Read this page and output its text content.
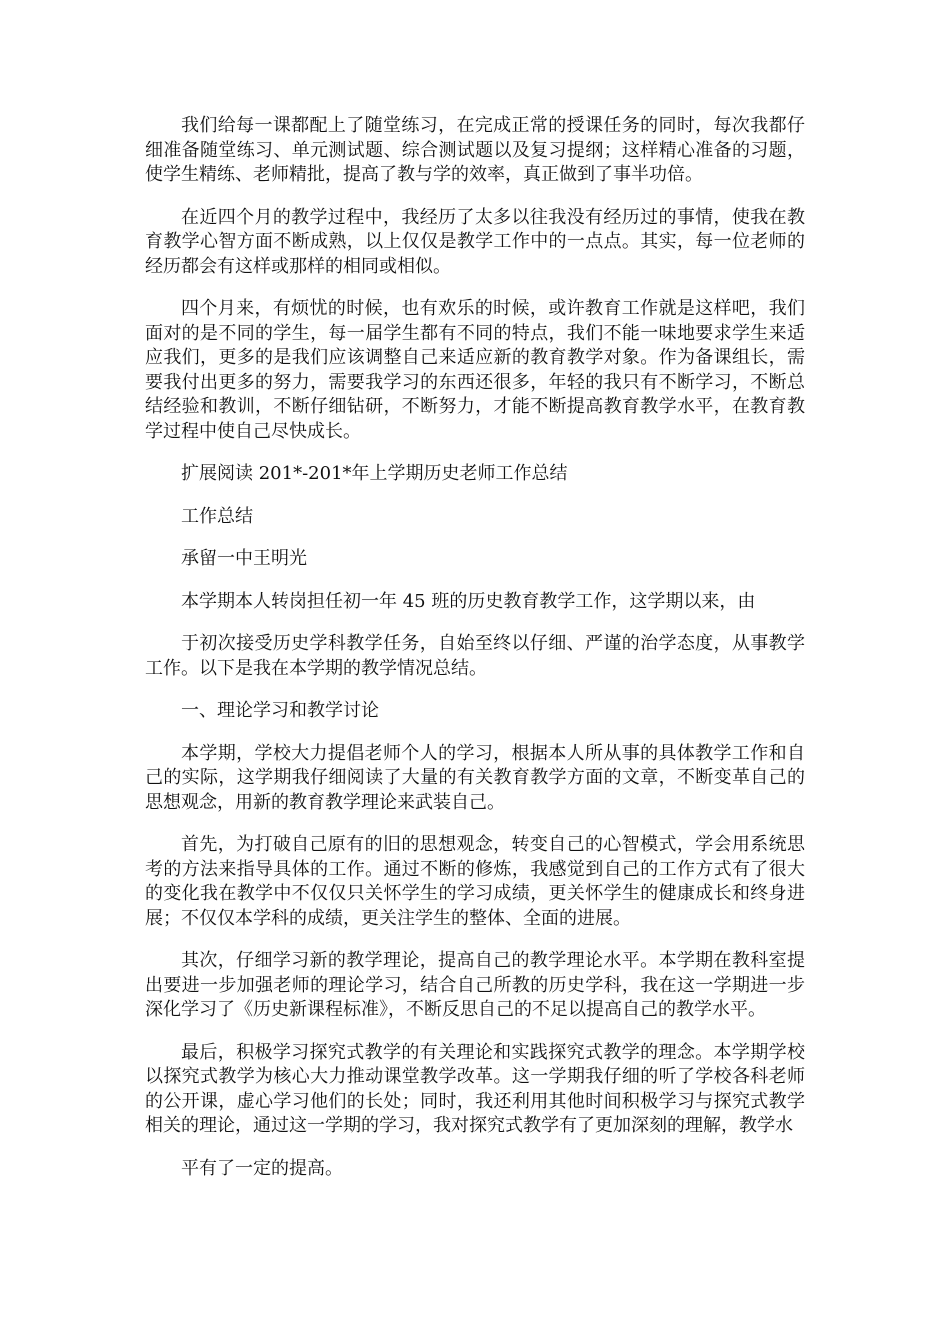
我们给每一课都配上了随堂练习，在完成正常的授课任务的同时，每次我都仔细准备随堂练习、单元测试题、综合测试题以及复习提纲；这样精心准备的习题，使学生精练、老师精批，提高了教与学的效率，真正做到了事半功倍。

在近四个月的教学过程中，我经历了太多以往我没有经历过的事情，使我在教育教学心智方面不断成熟，以上仅仅是教学工作中的一点点。其实，每一位老师的经历都会有这样或那样的相同或相似。

四个月来，有烦忧的时候，也有欢乐的时候，或许教育工作就是这样吧，我们面对的是不同的学生，每一届学生都有不同的特点，我们不能一味地要求学生来适应我们，更多的是我们应该调整自己来适应新的教育教学对象。作为备课组长，需要我付出更多的努力，需要我学习的东西还很多，年轻的我只有不断学习，不断总结经验和教训，不断仔细钻研，不断努力，才能不断提高教育教学水平，在教育教学过程中使自己尽快成长。

扩展阅读 201*-201*年上学期历史老师工作总结

工作总结

承留一中王明光

本学期本人转岗担任初一年 45 班的历史教育教学工作，这学期以来，由

于初次接受历史学科教学任务，自始至终以仔细、严谨的治学态度，从事教学工作。以下是我在本学期的教学情况总结。

一、理论学习和教学讨论

本学期，学校大力提倡老师个人的学习，根据本人所从事的具体教学工作和自己的实际，这学期我仔细阅读了大量的有关教育教学方面的文章，不断变革自己的思想观念，用新的教育教学理论来武装自己。

首先，为打破自己原有的旧的思想观念，转变自己的心智模式，学会用系统思考的方法来指导具体的工作。通过不断的修炼，我感觉到自己的工作方式有了很大的变化我在教学中不仅仅只关怀学生的学习成绩，更关怀学生的健康成长和终身进展；不仅仅本学科的成绩，更关注学生的整体、全面的进展。

其次，仔细学习新的教学理论，提高自己的教学理论水平。本学期在教科室提出要进一步加强老师的理论学习，结合自己所教的历史学科，我在这一学期进一步深化学习了《历史新课程标准》，不断反思自己的不足以提高自己的教学水平。

最后，积极学习探究式教学的有关理论和实践探究式教学的理念。本学期学校以探究式教学为核心大力推动课堂教学改革。这一学期我仔细的听了学校各科老师的公开课，虚心学习他们的长处；同时，我还利用其他时间积极学习与探究式教学相关的理论，通过这一学期的学习，我对探究式教学有了更加深刻的理解，教学水

平有了一定的提高。
